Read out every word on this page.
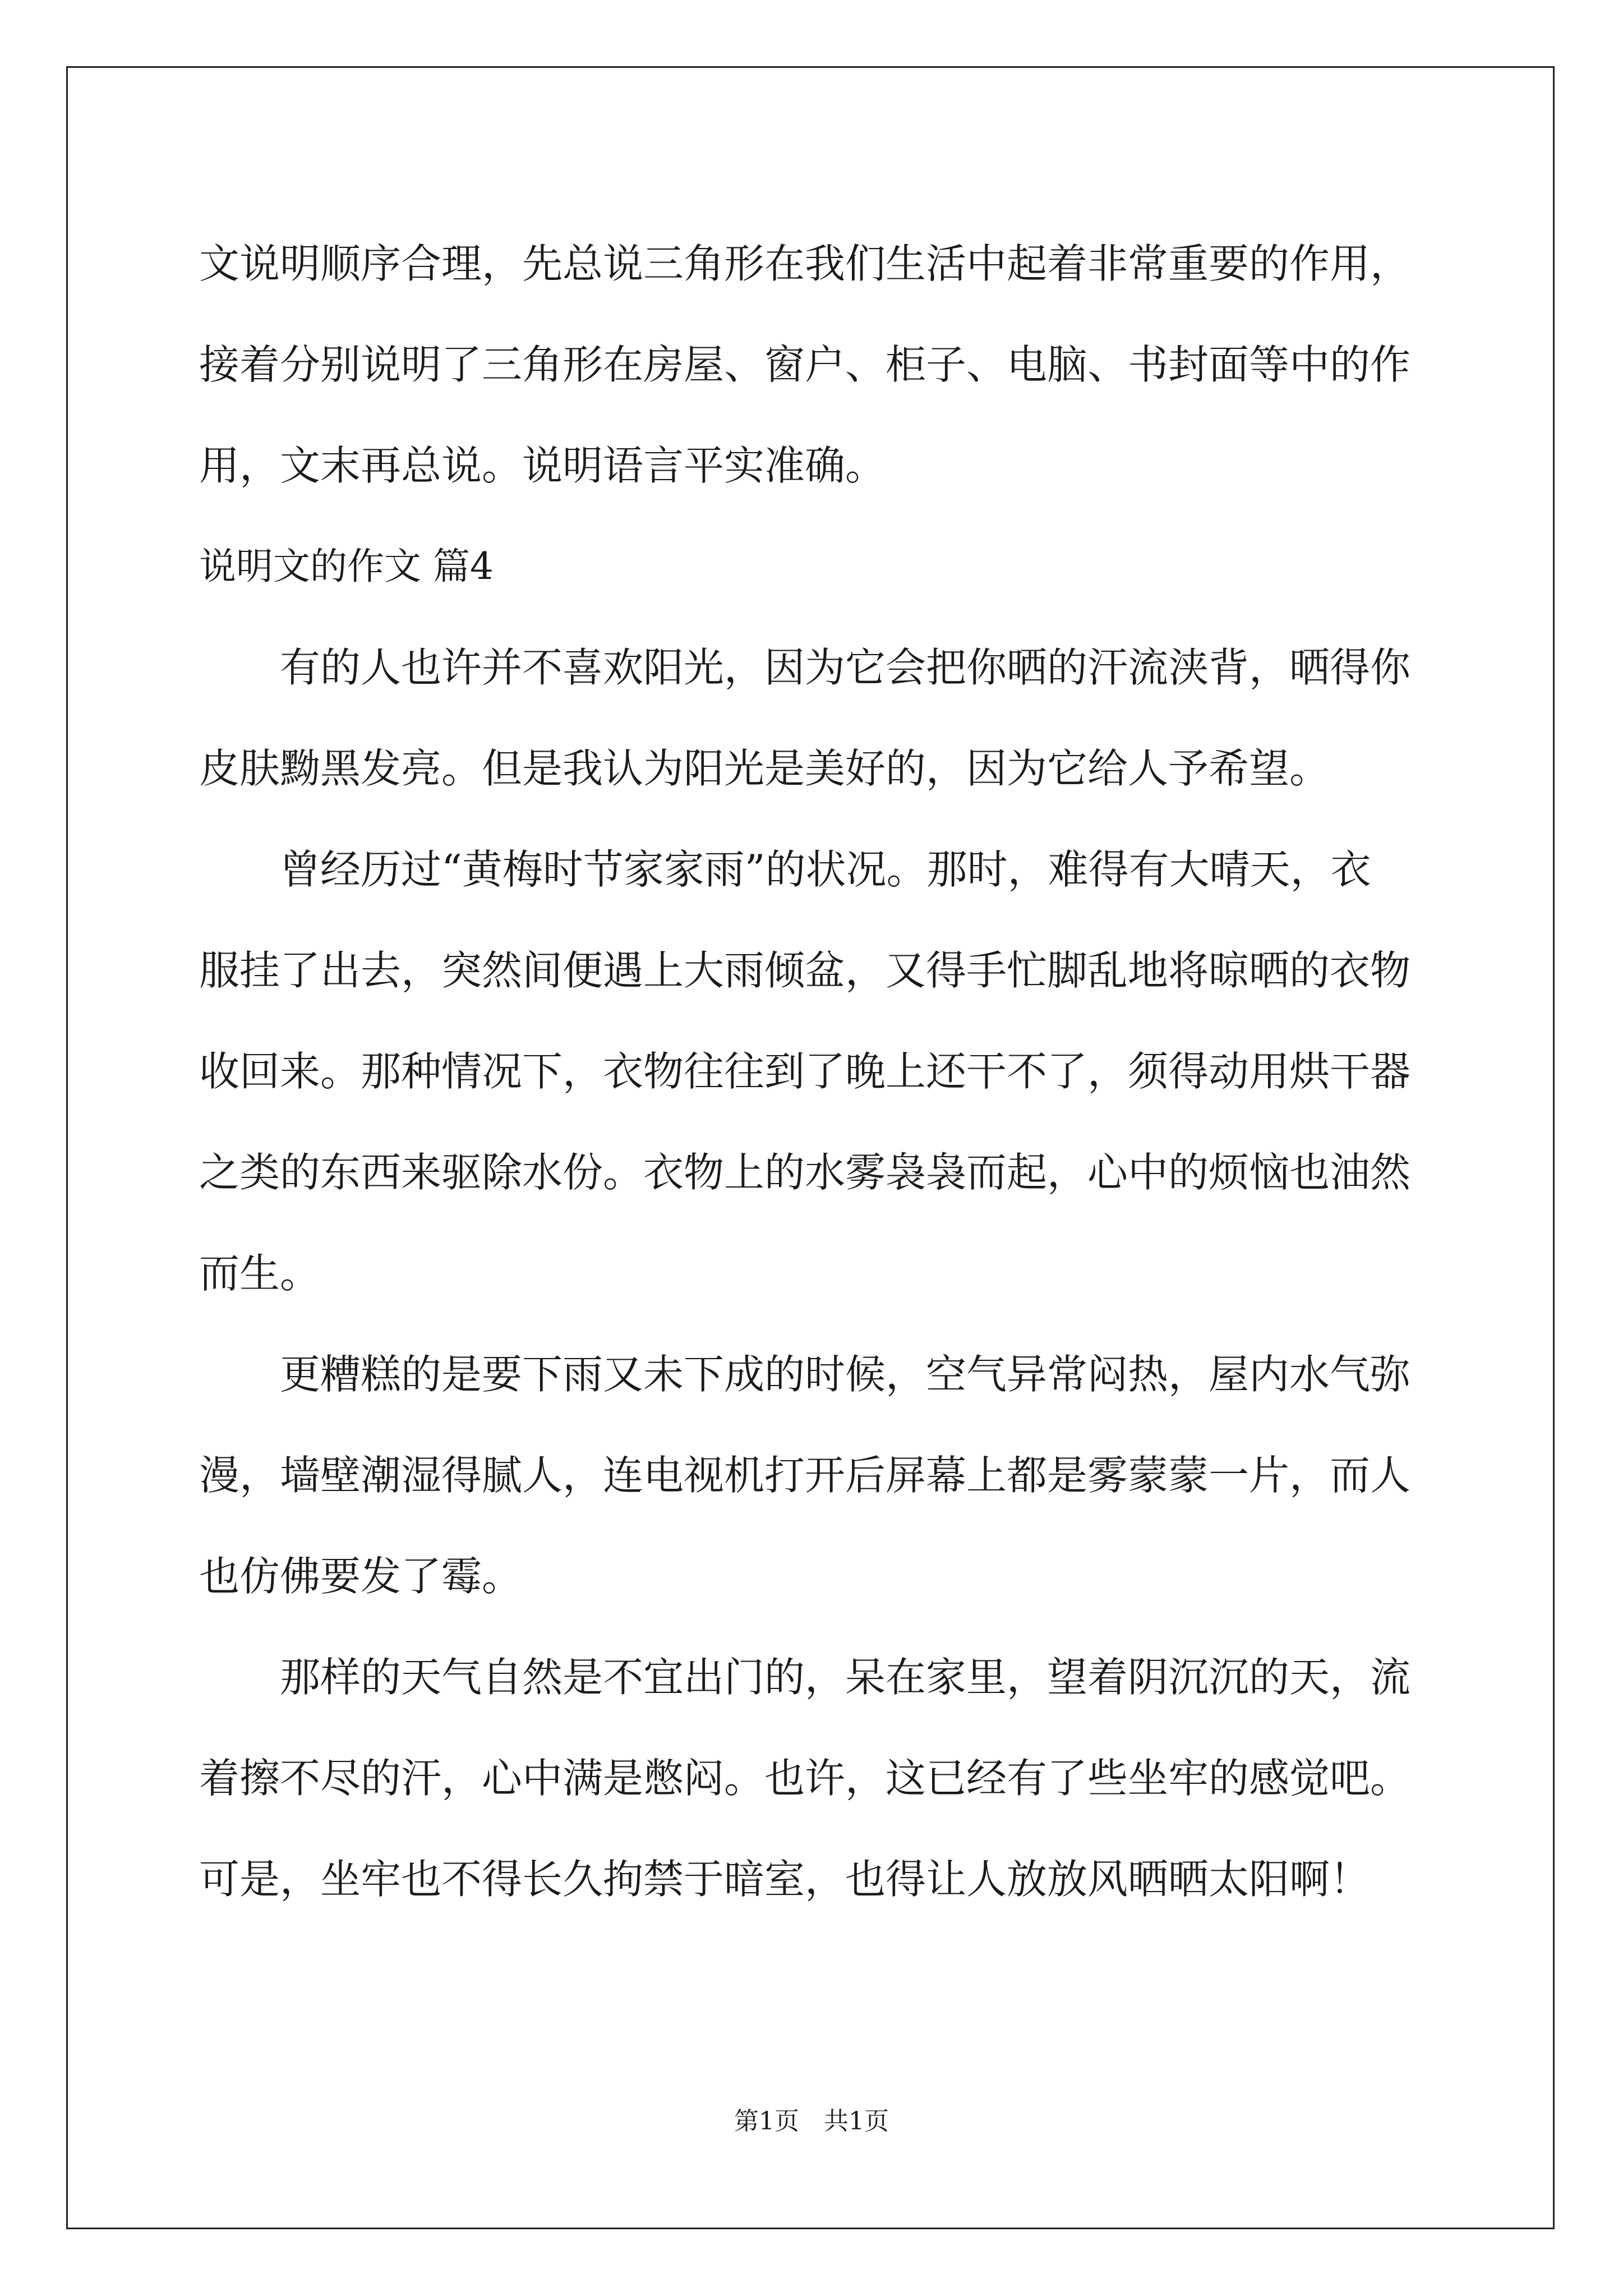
文说明顺序合理，先总说三角形在我们生活中起着非常重要的作用，

接着分别说明了三角形在房屋、窗户、柜子、电脑、书封面等中的作

用，文末再总说。说明语言平实准确。

说明文的作文 篇4

有的人也许并不喜欢阳光，因为它会把你晒的汗流浃背，晒得你

皮肤黝黑发亮。但是我认为阳光是美好的，因为它给人予希望。

曾经历过“黄梅时节家家雨”的状况。那时，难得有大晴天，衣

服挂了出去，突然间便遇上大雨倾盆，又得手忙脚乱地将晾晒的衣物

收回来。那种情况下，衣物往往到了晚上还干不了，须得动用烘干器

之类的东西来驱除水份。衣物上的水雾袅袅而起，心中的烦恼也油然

而生。

更糟糕的是要下雨又未下成的时候，空气异常闷热，屋内水气弥

漫，墙壁潮湿得腻人，连电视机打开后屏幕上都是雾蒙蒙一片，而人

也仿佛要发了霉。

那样的天气自然是不宜出门的，呆在家里，望着阴沉沉的天，流

着擦不尽的汗，心中满是憋闷。也许，这已经有了些坐牢的感觉吧。

可是，坐牢也不得长久拘禁于暗室，也得让人放放风晒晒太阳啊！

第1页　共1页
